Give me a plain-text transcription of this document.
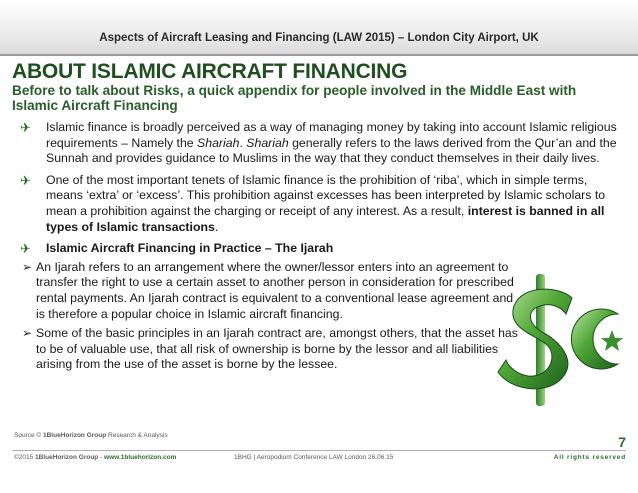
Aspects of Aircraft Leasing and Financing (LAW 2015) – London City Airport, UK
ABOUT ISLAMIC AIRCRAFT FINANCING
Before to talk about Risks, a quick appendix for people involved in the Middle East with Islamic Aircraft Financing
✈ Islamic finance is broadly perceived as a way of managing money by taking into account Islamic religious requirements – Namely the Shariah. Shariah generally refers to the laws derived from the Qur’an and the Sunnah and provides guidance to Muslims in the way that they conduct themselves in their daily lives.
✈ One of the most important tenets of Islamic finance is the prohibition of ‘riba’, which in simple terms, means ‘extra’ or ‘excess’. This prohibition against excesses has been interpreted by Islamic scholars to mean a prohibition against the charging or receipt of any interest. As a result, interest is banned in all types of Islamic transactions.
✈ Islamic Aircraft Financing in Practice – The Ijarah
➢ An Ijarah refers to an arrangement where the owner/lessor enters into an agreement to transfer the right to use a certain asset to another person in consideration for prescribed rental payments. An Ijarah contract is equivalent to a conventional lease agreement and is therefore a popular choice in Islamic aircraft financing.
➢ Some of the basic principles in an Ijarah contract are, amongst others, that the asset has to be of valuable use, that all risk of ownership is borne by the lessor and all liabilities arising from the use of the asset is borne by the lessee.
Source © 1BlueHorizon Group Research & Analysis	7
©2015 1BlueHorizon Group - www.1bluehorizon.com	1BHG | Aeropodium Conference LAW London 26.06.15	All rights reserved
